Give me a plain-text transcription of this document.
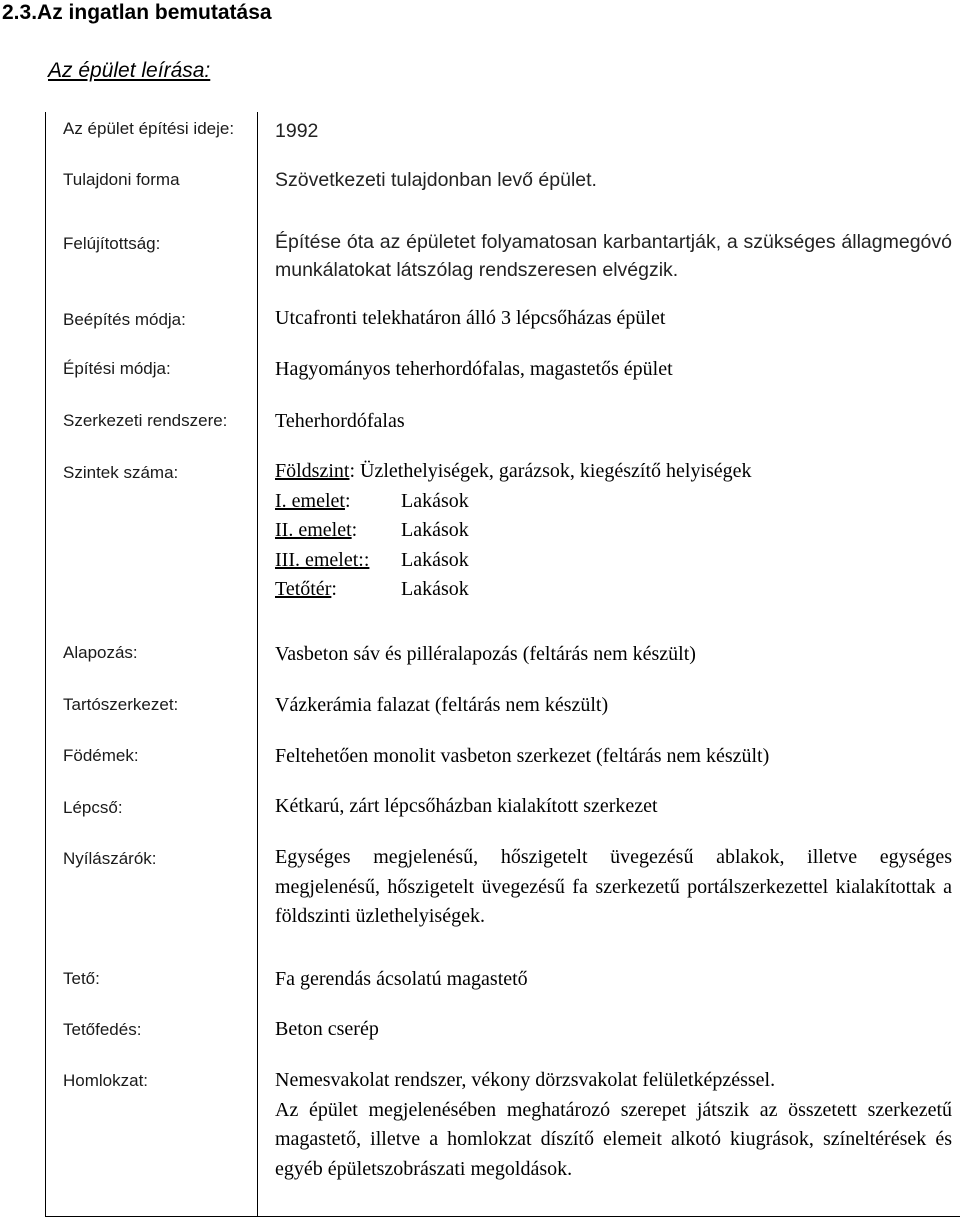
2.3.Az ingatlan bemutatása
Az épület leírása:
Az épület építési ideje:	1992
Tulajdoni forma	Szövetkezeti tulajdonban levő épület.
Felújítottság:	Építése óta az épületet folyamatosan karbantartják, a szükséges állagmegóvó munkálatokat látszólag rendszeresen elvégzik.
Beépítés módja:	Utcafronti telekhatáron álló 3 lépcsőházas épület
Építési módja:	Hagyományos teherhordófalas, magastetős épület
Szerkezeti rendszere:	Teherhordófalas
Szintek száma:	Földszint : Üzlethelyiségek, garázsok, kiegészítő helyiségek
I. emelet:	Lakások
II. emelet:	Lakások
III. emelet::	Lakások
Tetőtér:	Lakások
Alapozás:	Vasbeton sáv és pilléralapozás (feltárás nem készült)
Tartószerkezet:	Vázkerámia falazat (feltárás nem készült)
Födémek:	Feltehetően monolit vasbeton szerkezet (feltárás nem készült)
Lépcső:	Kétkarú, zárt lépcsőházban kialakított szerkezet
Nyílászárók:	Egységes megjelenésű, hőszigetelt üvegezésű ablakok, illetve egységes megjelenésű, hőszigetelt üvegezésű fa szerkezetű portálszerkezettel kialakítottak a földszinti üzlethelyiségek.
Tető:	Fa gerendás ácsolatú magastető
Tetőfedés:	Beton cserép
Homlokzat:	Nemesvakolat rendszer, vékony dörzsvakolat felületképzéssel.

Az épület megjelenésében meghatározó szerepet játszik az összetett szerkezetű magastető, illetve a homlokzat díszítő elemeit alkotó kiugrások, színeltérések és egyéb épületszobrászati megoldások.
